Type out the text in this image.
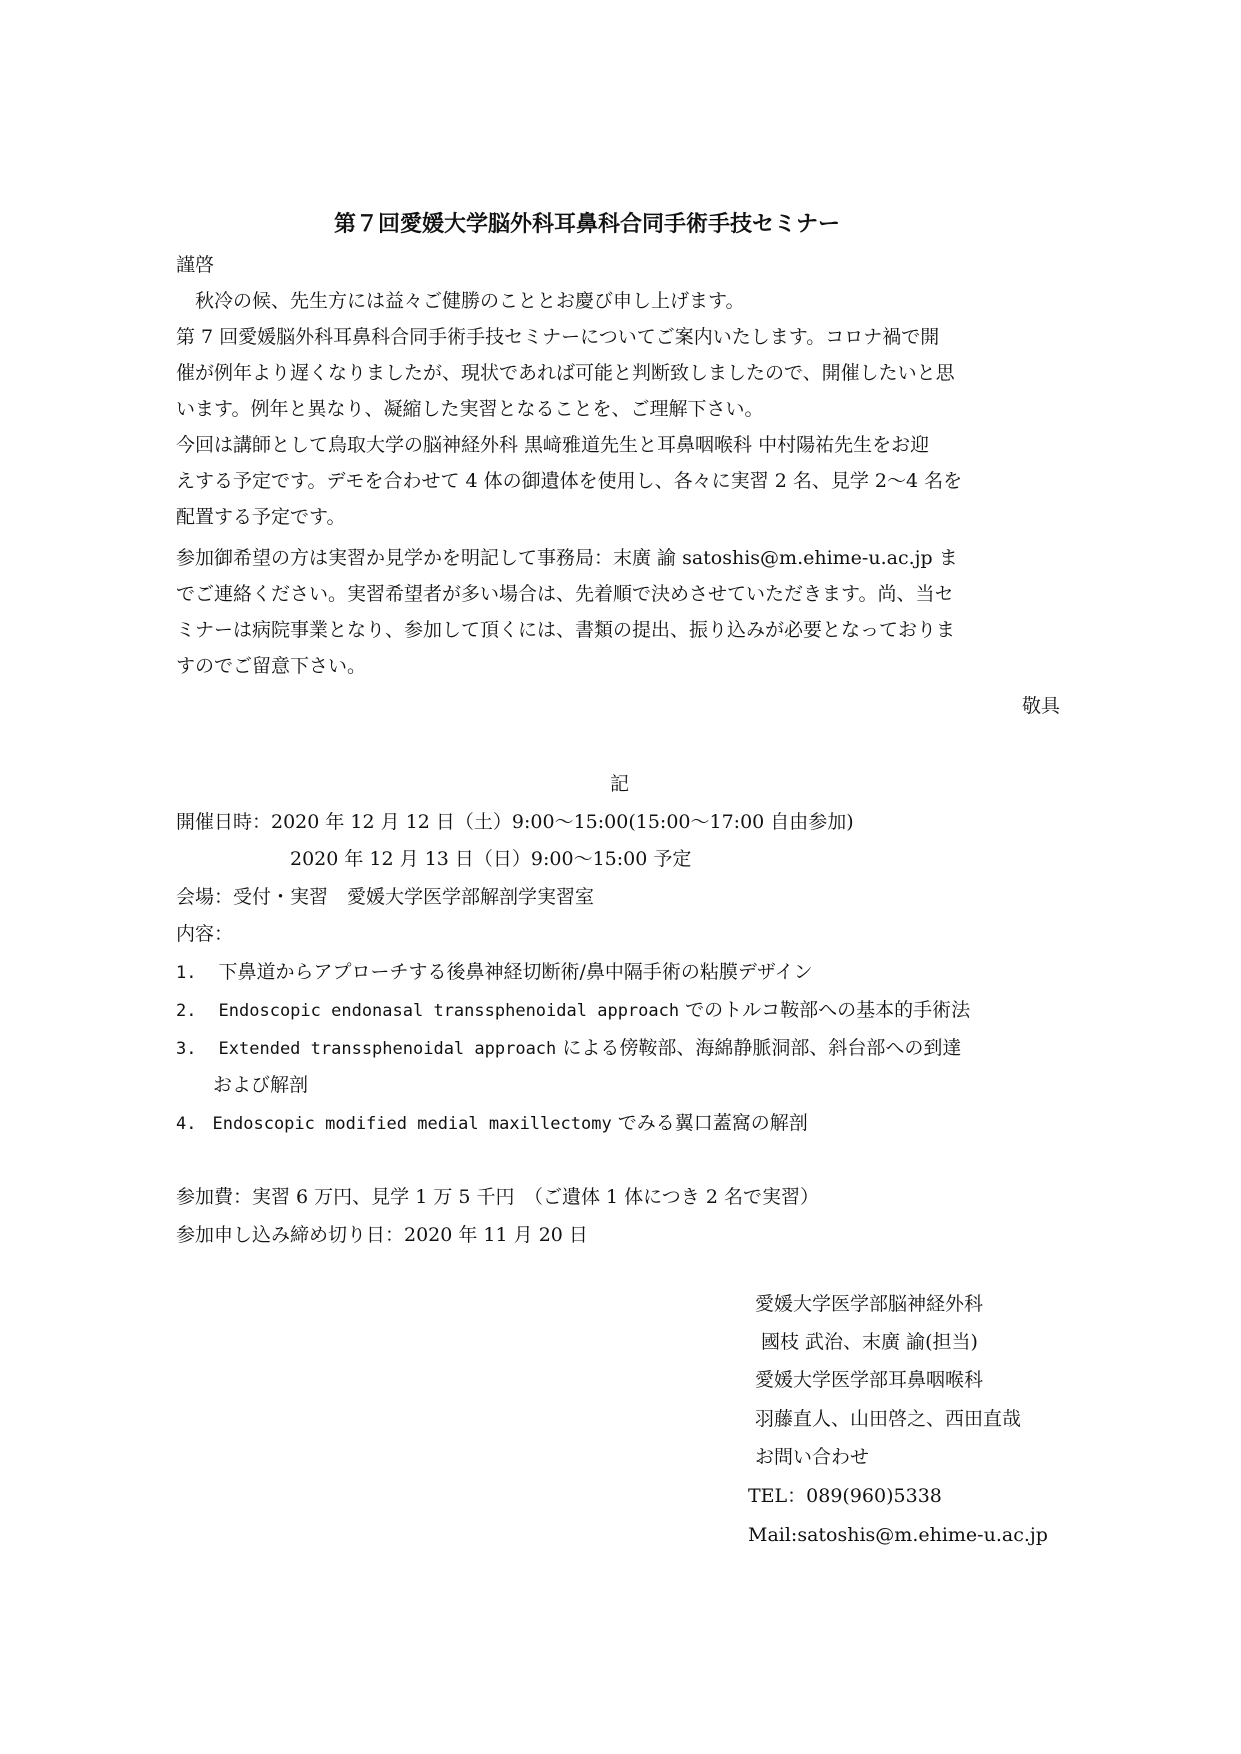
第７回愛媛大学脳外科耳鼻科合同手術手技セミナー
謹啓
　秋冷の候、先生方には益々ご健勝のこととお慶び申し上げます。
第 7 回愛媛脳外科耳鼻科合同手術手技セミナーについてご案内いたします。コロナ禍で開
催が例年より遅くなりましたが、現状であれば可能と判断致しましたので、開催したいと思
います。例年と異なり、凝縮した実習となることを、ご理解下さい。
今回は講師として鳥取大学の脳神経外科 黒﨑雅道先生と耳鼻咽喉科 中村陽祐先生をお迎
えする予定です。デモを合わせて 4 体の御遺体を使用し、各々に実習 2 名、見学 2～4 名を
配置する予定です。
参加御希望の方は実習か見学かを明記して事務局：末廣 諭 satoshis@m.ehime-u.ac.jp ま
でご連絡ください。実習希望者が多い場合は、先着順で決めさせていただきます。尚、当セ
ミナーは病院事業となり、参加して頂くには、書類の提出、振り込みが必要となっておりま
すのでご留意下さい。
敬具
記
開催日時：2020 年 12 月 12 日（土）9:00～15:00(15:00～17:00 自由参加)
2020 年 12 月 13 日（日）9:00～15:00 予定
会場：受付・実習　愛媛大学医学部解剖学実習室
内容：
1. 下鼻道からアプローチする後鼻神経切断術/鼻中隔手術の粘膜デザイン
2. Endoscopic endonasal transsphenoidal approach でのトルコ鞍部への基本的手術法
3. Extended transsphenoidal approach による傍鞍部、海綿静脈洞部、斜台部への到達
および解剖
4. Endoscopic modified medial maxillectomy でみる翼口蓋窩の解剖
参加費：実習 6 万円、見学 1 万 5 千円　（ご遺体 1 体につき 2 名で実習）
参加申し込み締め切り日：2020 年 11 月 20 日
愛媛大学医学部脳神経外科
國枝 武治、末廣 諭(担当)
愛媛大学医学部耳鼻咽喉科
羽藤直人、山田啓之、西田直哉
お問い合わせ
TEL：089(960)5338
Mail:satoshis@m.ehime-u.ac.jp
